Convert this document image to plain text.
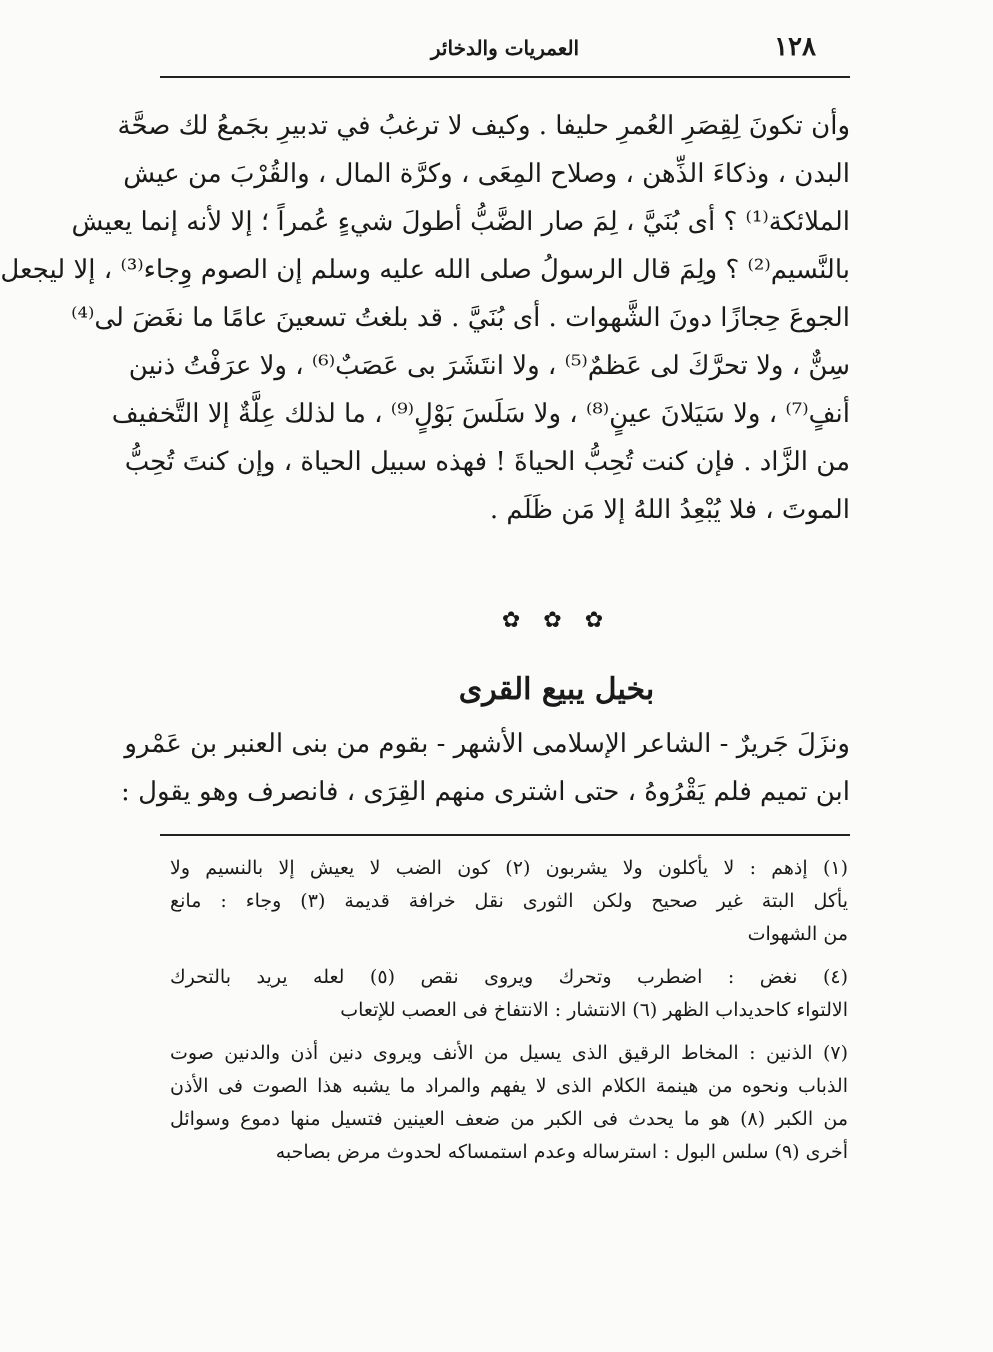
١٢٨
العمريات والدخائر
وأن تكونَ لِقِصَرِ العُمرِ حليفا . وكيف لا ترغبُ في تدبيرِ بجَمعُ لك صحَّة
البدن ، وذكاءَ الذِّهن ، وصلاح المِعَى ، وكرَّة المال ، والقُرْبَ من عيش
الملائكة⁽¹⁾ ؟ أى بُنَيَّ ، لِمَ صار الضَّبُّ أطولَ شيءٍ عُمراً ؛ إلا لأنه إنما يعيش
بالنَّسيم⁽²⁾ ؟ ولِمَ قال الرسولُ صلى الله عليه وسلم إن الصوم وِجاء⁽³⁾ ، إلا ليجعل
الجوعَ حِجازًا دونَ الشَّهوات . أى بُنَيَّ . قد بلغتُ تسعينَ عامًا ما نغَضَ لى⁽⁴⁾
سِنٌّ ، ولا تحرَّكَ لى عَظمٌ⁽⁵⁾ ، ولا انتَشَرَ بى عَصَبٌ⁽⁶⁾ ، ولا عرَفْتُ ذنين
أنفٍ⁽⁷⁾ ، ولا سَيَلانَ عينٍ⁽⁸⁾ ، ولا سَلَسَ بَوْلٍ⁽⁹⁾ ، ما لذلك عِلَّةٌ إلا التَّخفيف
من الزَّاد . فإن كنت تُحِبُّ الحياةَ ! فهذه سبيل الحياة ، وإن كنتَ تُحِبُّ
الموتَ ، فلا يُبْعِدُ اللهُ إلا مَن ظَلَم .
✿ ✿ ✿
بخيل يبيع القرى
ونزَلَ جَريرٌ - الشاعر الإسلامى الأشهر - بقوم من بنى العنبر بن عَمْرو
ابن تميم فلم يَقْرُوهُ ، حتى اشترى منهم القِرَى ، فانصرف وهو يقول :
(١) إذهم : لا يأكلون ولا يشربون (٢) كون الضب لا يعيش إلا بالنسيم ولا
يأكل البتة غير صحيح ولكن الثورى نقل خرافة قديمة (٣) وجاء : مانع
من الشهوات
(٤) نغض : اضطرب وتحرك ويروى نقص (٥) لعله يريد بالتحرك
الالتواء كاحديداب الظهر (٦) الانتشار : الانتفاخ فى العصب للإتعاب
(٧) الذنين : المخاط الرقيق الذى يسيل من الأنف ويروى دنين أذن والدنين صوت
الذباب ونحوه من هينمة الكلام الذى لا يفهم والمراد ما يشبه هذا الصوت فى الأذن
من الكبر (٨) هو ما يحدث فى الكبر من ضعف العينين فتسيل منها دموع وسوائل
أخرى (٩) سلس البول : استرساله وعدم استمساكه لحدوث مرض بصاحبه
